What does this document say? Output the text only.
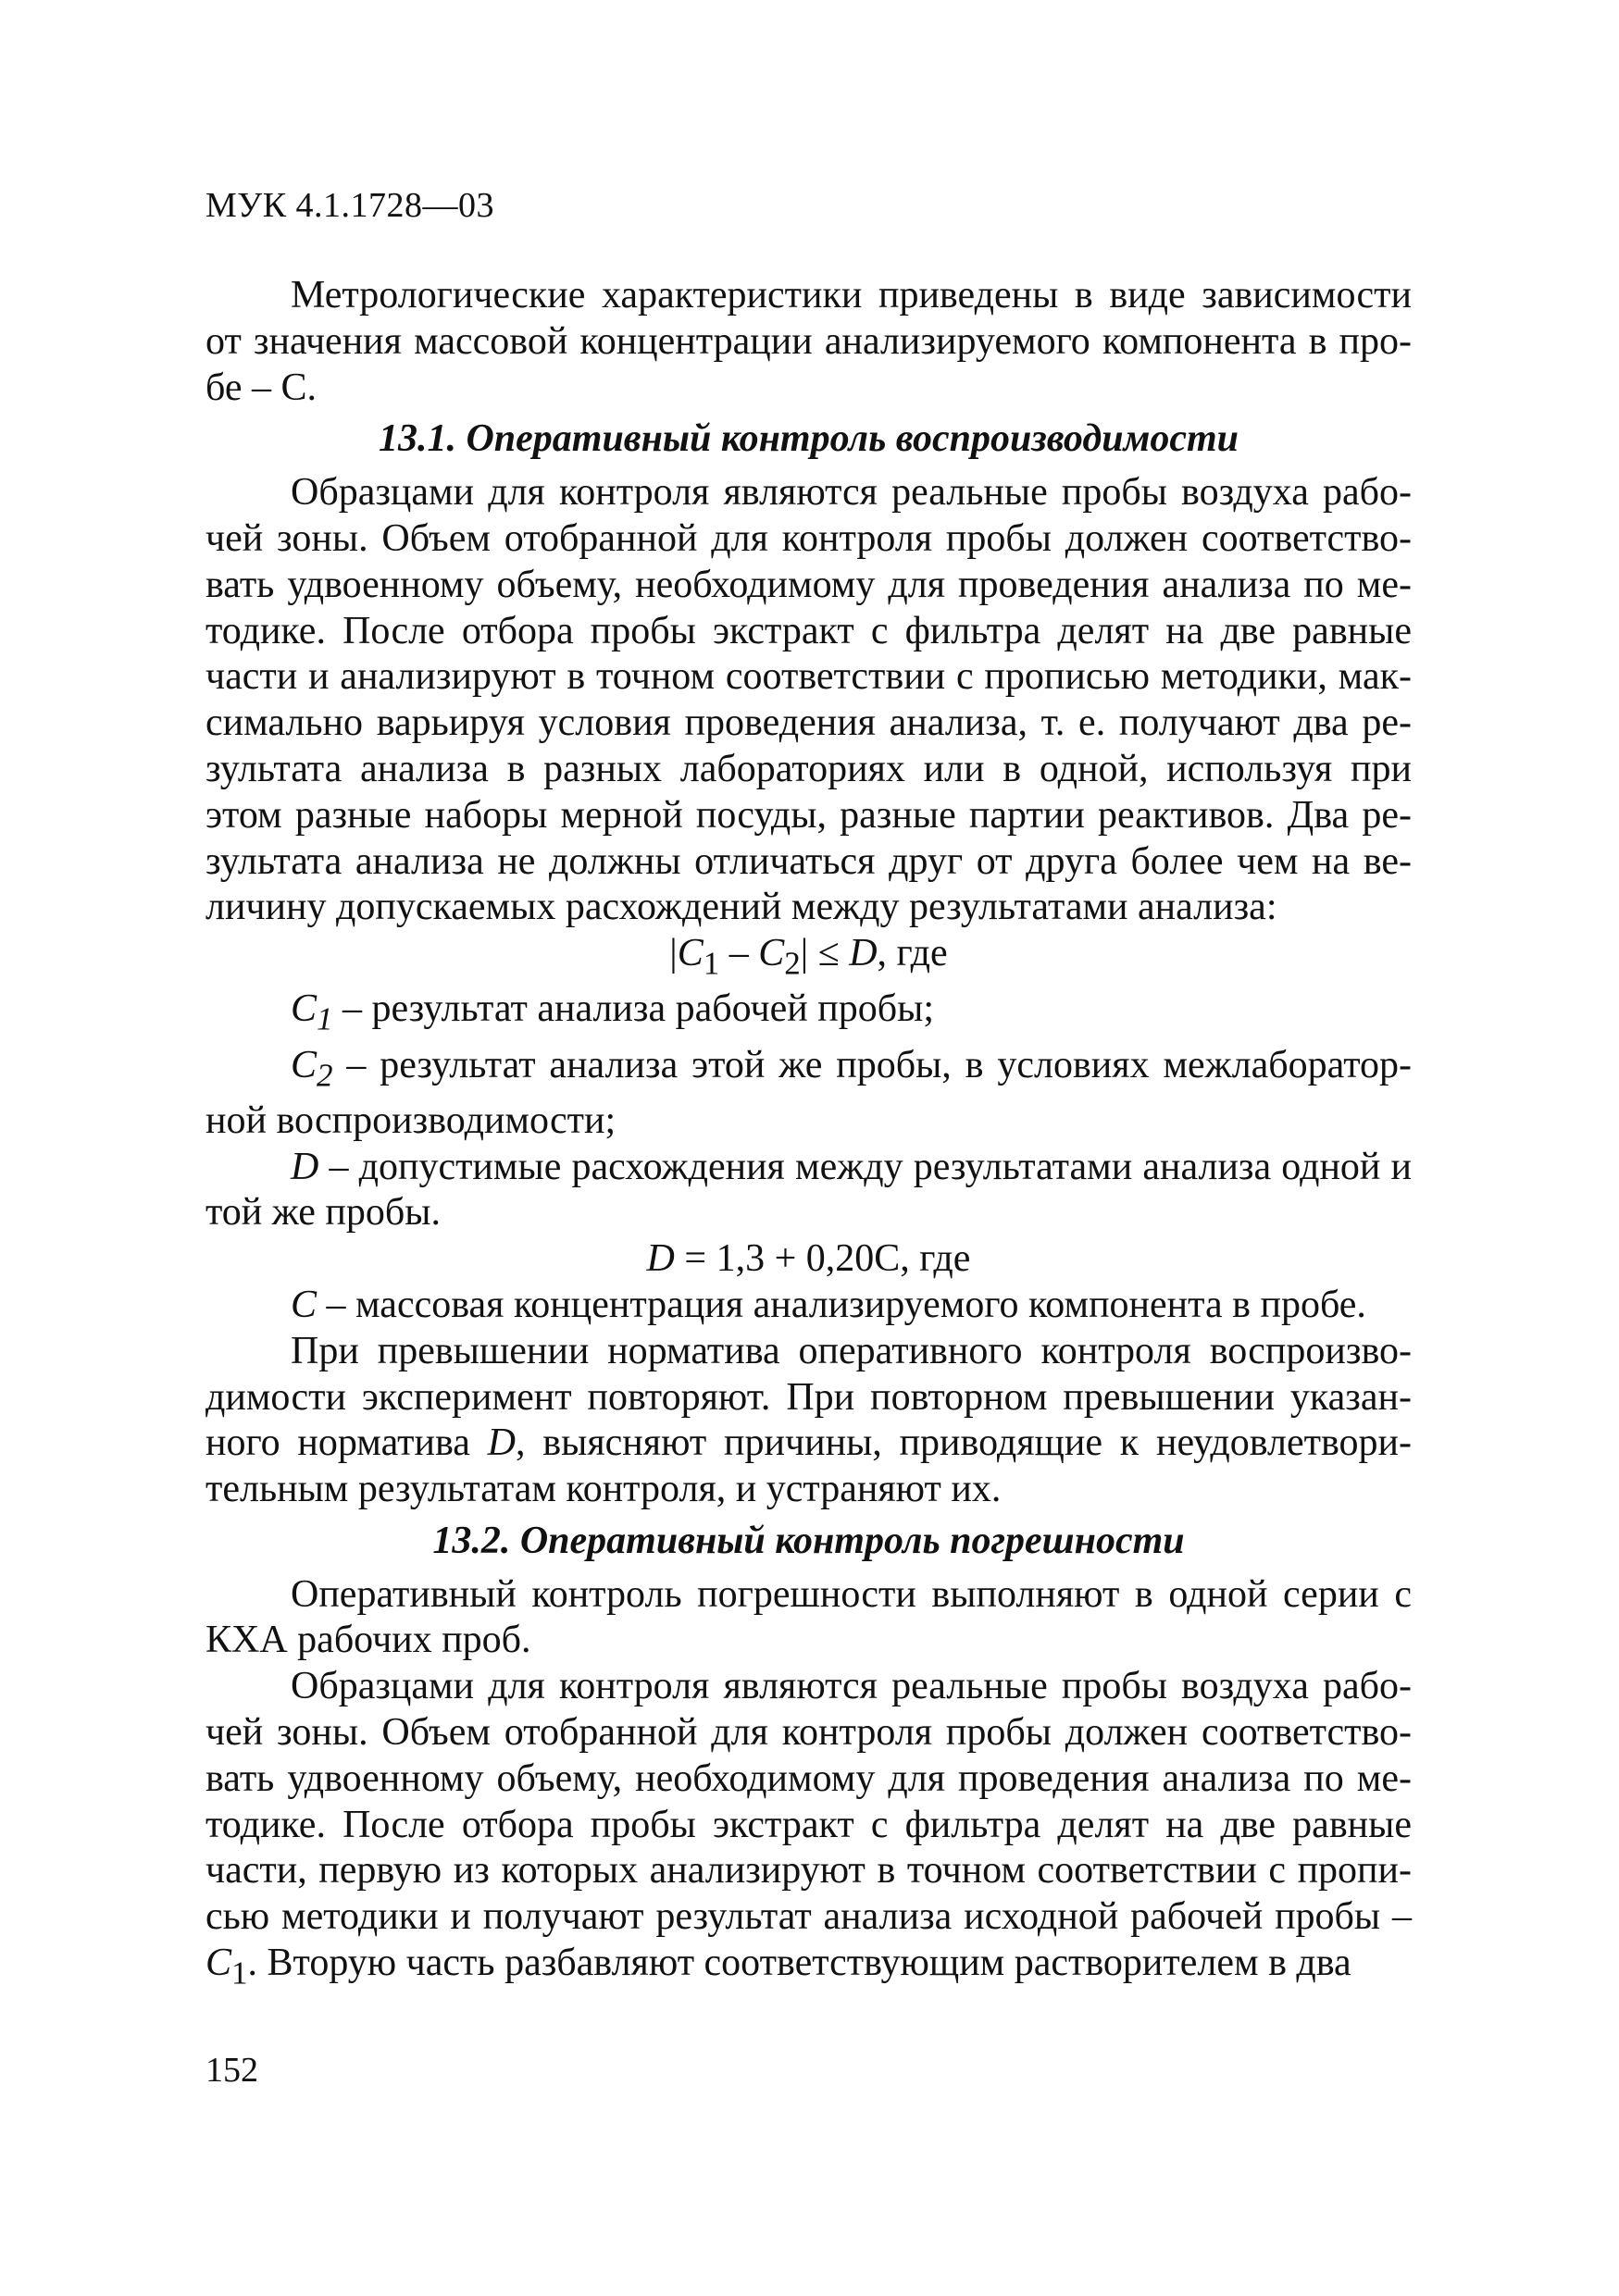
МУК 4.1.1728—03

Метрологические характеристики приведены в виде зависимости от значения массовой концентрации анализируемого компонента в про- бе – С.

13.1. Оперативный контроль воспроизводимости

Образцами для контроля являются реальные пробы воздуха рабо- чей зоны. Объем отобранной для контроля пробы должен соответство- вать удвоенному объему, необходимому для проведения анализа по ме- тодике. После отбора пробы экстракт с фильтра делят на две равные части и анализируют в точном соответствии с прописью методики, мак- симально варьируя условия проведения анализа, т. е. получают два ре- зультата анализа в разных лабораториях или в одной, используя при этом разные наборы мерной посуды, разные партии реактивов. Два ре- зультата анализа не должны отличаться друг от друга более чем на ве- личину допускаемых расхождений между результатами анализа:

$|C_1 - C_2| \le D$, где

$C_1$ – результат анализа рабочей пробы;

$C_2$ – результат анализа этой же пробы, в условиях межлаборатор- ной воспроизводимости;

D – допустимые расхождения между результатами анализа одной и той же пробы.

D = 1,3 + 0,20С, где

C – массовая концентрация анализируемого компонента в пробе.

При превышении норматива оперативного контроля воспроизво- димости эксперимент повторяют. При повторном превышении указан- ного норматива D, выясняют причины, приводящие к неудовлетвори- тельным результатам контроля, и устраняют их.

13.2. Оперативный контроль погрешности

Оперативный контроль погрешности выполняют в одной серии с КХА рабочих проб.

Образцами для контроля являются реальные пробы воздуха рабо- чей зоны. Объем отобранной для контроля пробы должен соответство- вать удвоенному объему, необходимому для проведения анализа по ме- тодике. После отбора пробы экстракт с фильтра делят на две равные части, первую из которых анализируют в точном соответствии с пропи- сью методики и получают результат анализа исходной рабочей пробы – $C_1$. Вторую часть разбавляют соответствующим растворителем в два

152
